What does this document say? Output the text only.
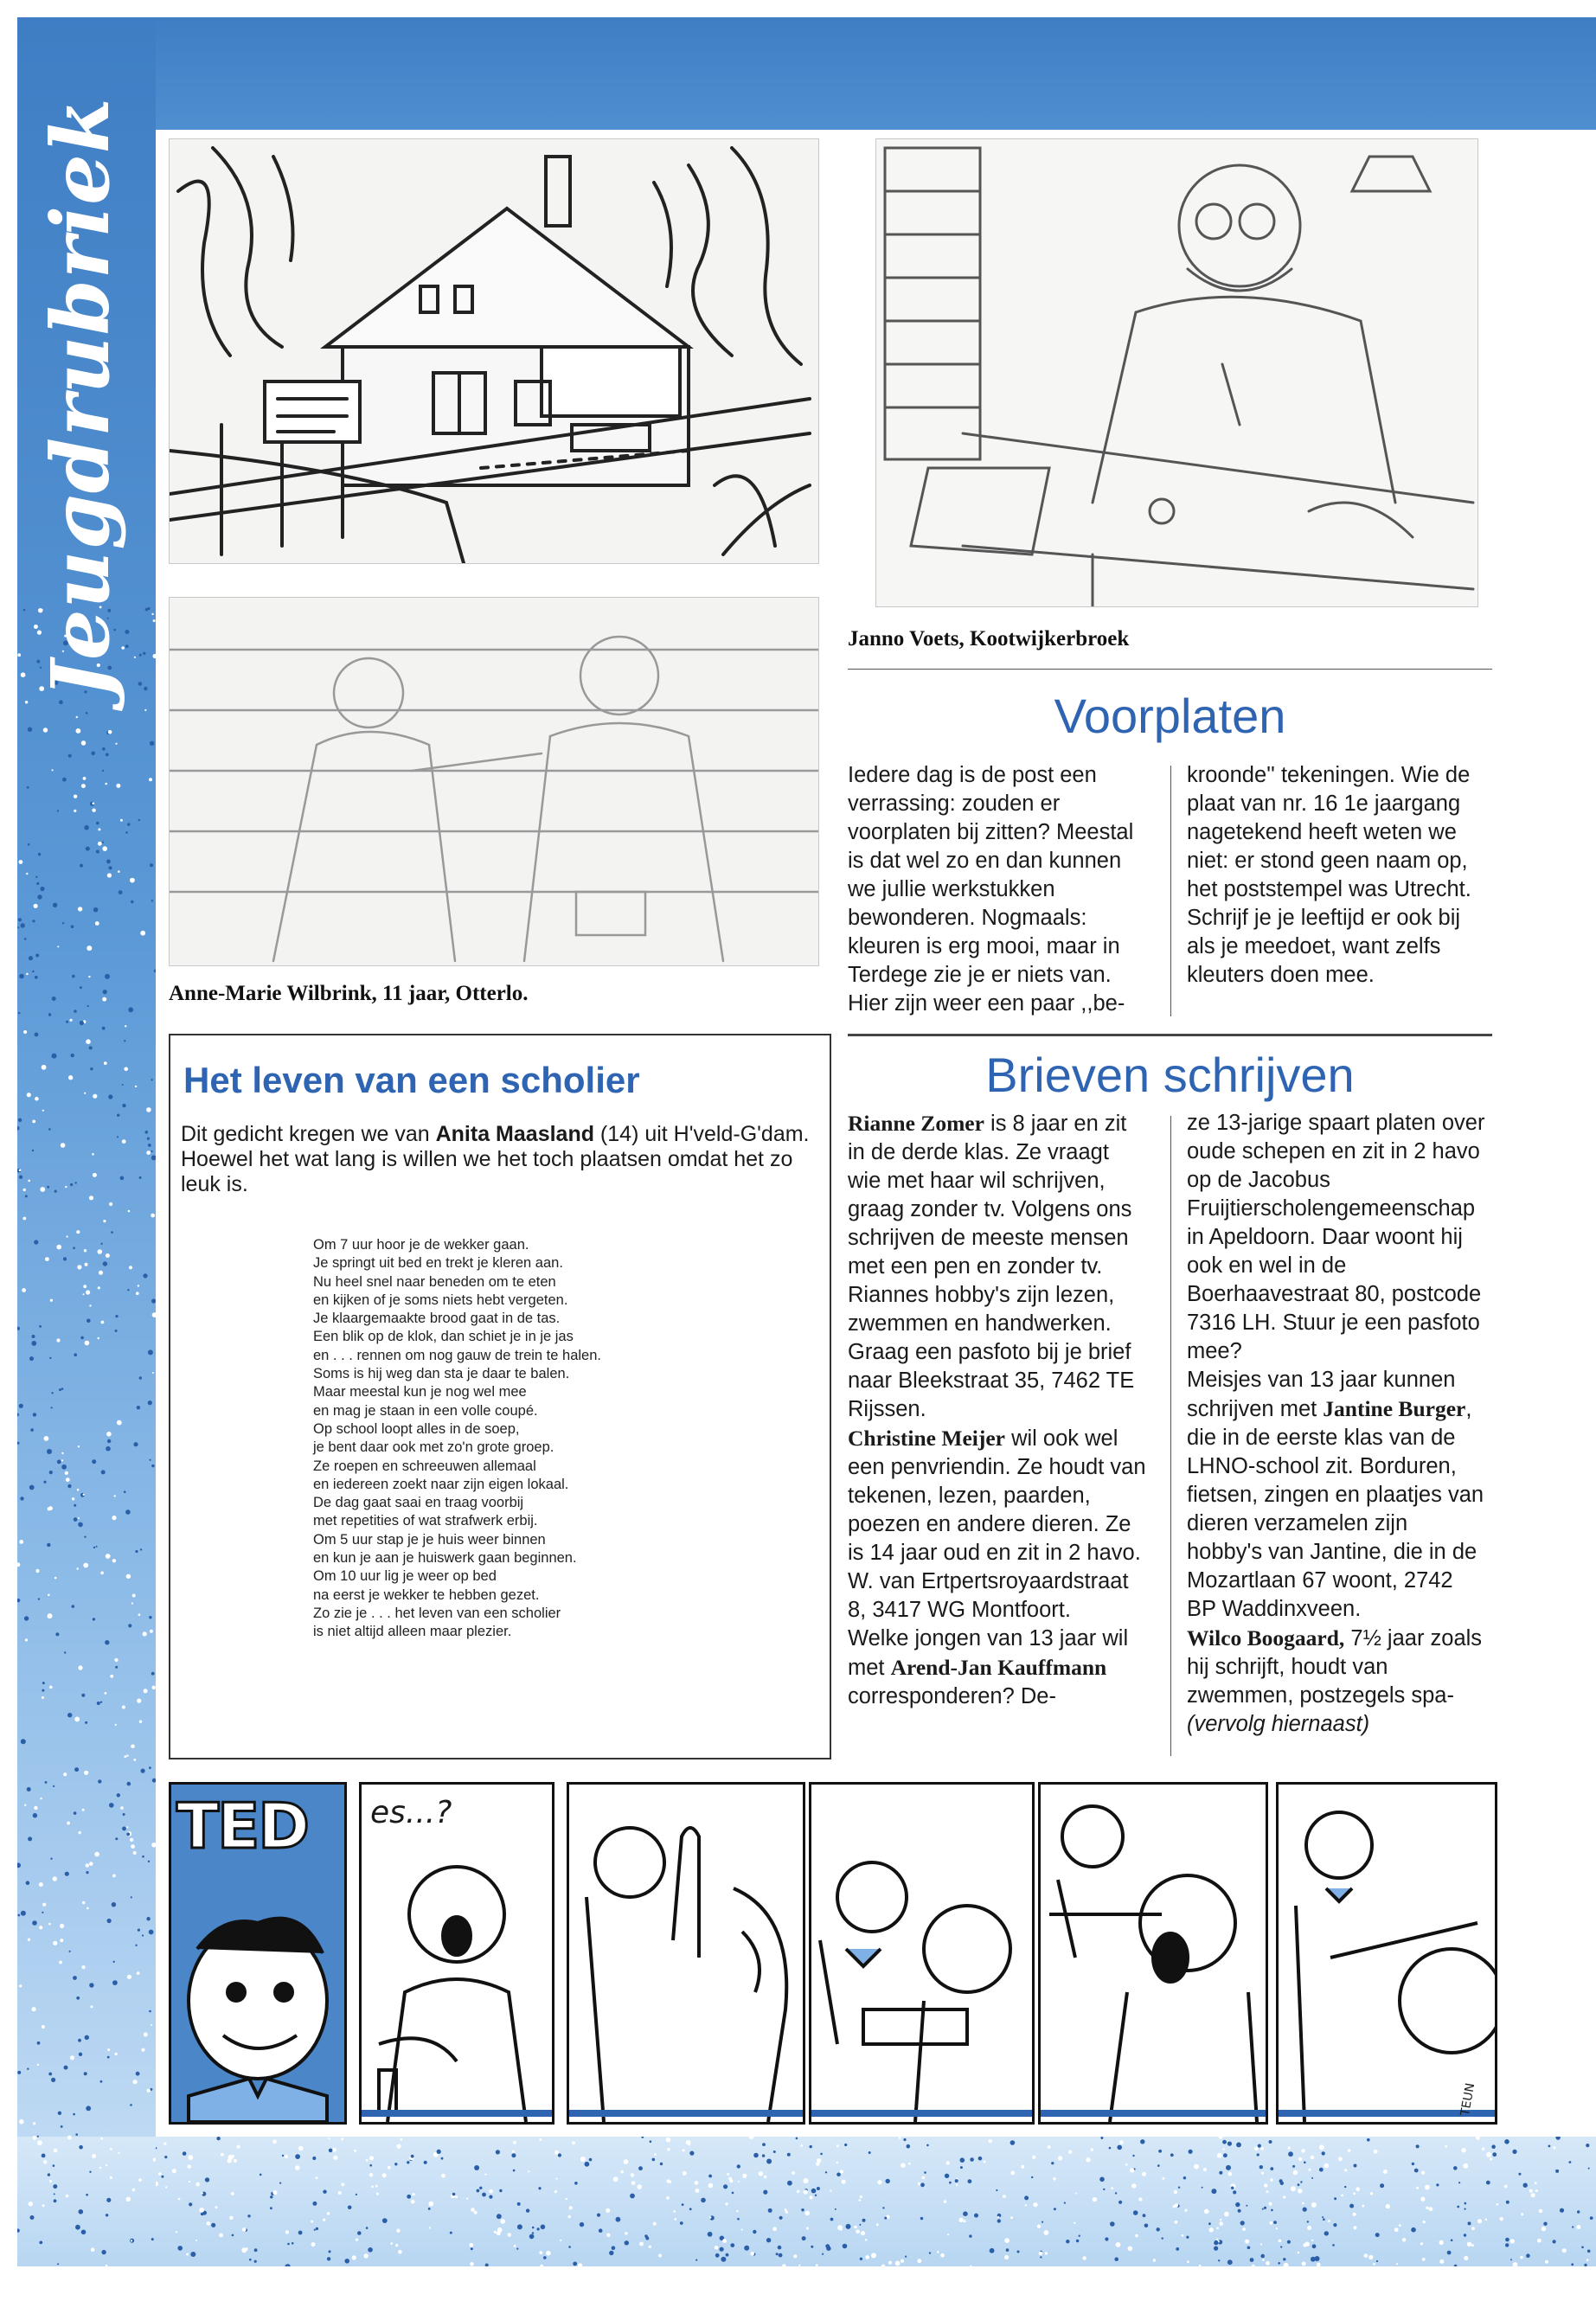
Jeugdrubriek	Janno Voets, Kootwijkerbroek
Anne-Marie Wilbrink, 11 jaar, Otterlo.
Voorplaten

Iedere dag is de post een verrassing: zouden er voorplaten bij zitten? Meestal is dat wel zo en dan kunnen we jullie werkstukken bewonderen. Nogmaals: kleuren is erg mooi, maar in Terdege zie je er niets van. Hier zijn weer een paar ,,be-

kroonde'' tekeningen. Wie de plaat van nr. 16 1e jaargang nagetekend heeft weten we niet: er stond geen naam op, het poststempel was Utrecht. Schrijf je je leeftijd er ook bij als je meedoet, want zelfs kleuters doen mee.

Het leven van een scholier
Dit gedicht kregen we van Anita Maasland (14) uit H'veld-G'dam. Hoewel het wat lang is willen we het toch plaatsen omdat het zo leuk is.
Om 7 uur hoor je de wekker gaan.
Je springt uit bed en trekt je kleren aan.
Nu heel snel naar beneden om te eten
en kijken of je soms niets hebt vergeten.
Je klaargemaakte brood gaat in de tas.
Een blik op de klok, dan schiet je in je jas
en . . . rennen om nog gauw de trein te halen.
Soms is hij weg dan sta je daar te balen.
Maar meestal kun je nog wel mee
en mag je staan in een volle coupé.
Op school loopt alles in de soep,
je bent daar ook met zo'n grote groep.
Ze roepen en schreeuwen allemaal
en iedereen zoekt naar zijn eigen lokaal.
De dag gaat saai en traag voorbij
met repetities of wat strafwerk erbij.
Om 5 uur stap je je huis weer binnen
en kun je aan je huiswerk gaan beginnen.
Om 10 uur lig je weer op bed
na eerst je wekker te hebben gezet.
Zo zie je . . . het leven van een scholier
is niet altijd alleen maar plezier.
Brieven schrijven

Rianne Zomer is 8 jaar en zit in de derde klas. Ze vraagt wie met haar wil schrijven, graag zonder tv. Volgens ons schrijven de meeste mensen met een pen en zonder tv. Riannes hobby's zijn lezen, zwemmen en handwerken. Graag een pasfoto bij je brief naar Bleekstraat 35, 7462 TE Rijssen.

Christine Meijer wil ook wel een penvriendin. Ze houdt van tekenen, lezen, paarden, poezen en andere dieren. Ze is 14 jaar oud en zit in 2 havo. W. van Ertpertsroyaardstraat 8, 3417 WG Montfoort.

Welke jongen van 13 jaar wil met Arend-Jan Kauffmann corresponderen? De-

ze 13-jarige spaart platen over oude schepen en zit in 2 havo op de Jacobus Fruijtierscholengemeenschap in Apeldoorn. Daar woont hij ook en wel in de Boerhaavestraat 80, postcode 7316 LH. Stuur je een pasfoto mee?

Meisjes van 13 jaar kunnen schrijven met Jantine Burger, die in de eerste klas van de LHNO-school zit. Borduren, fietsen, zingen en plaatjes van dieren verzamelen zijn hobby's van Jantine, die in de Mozartlaan 67 woont, 2742 BP Waddinxveen.

Wilco Boogaard, 7½ jaar zoals hij schrijft, houdt van zwemmen, postzegels spa-
(vervolg hiernaast)

TED es...?
TEUN
